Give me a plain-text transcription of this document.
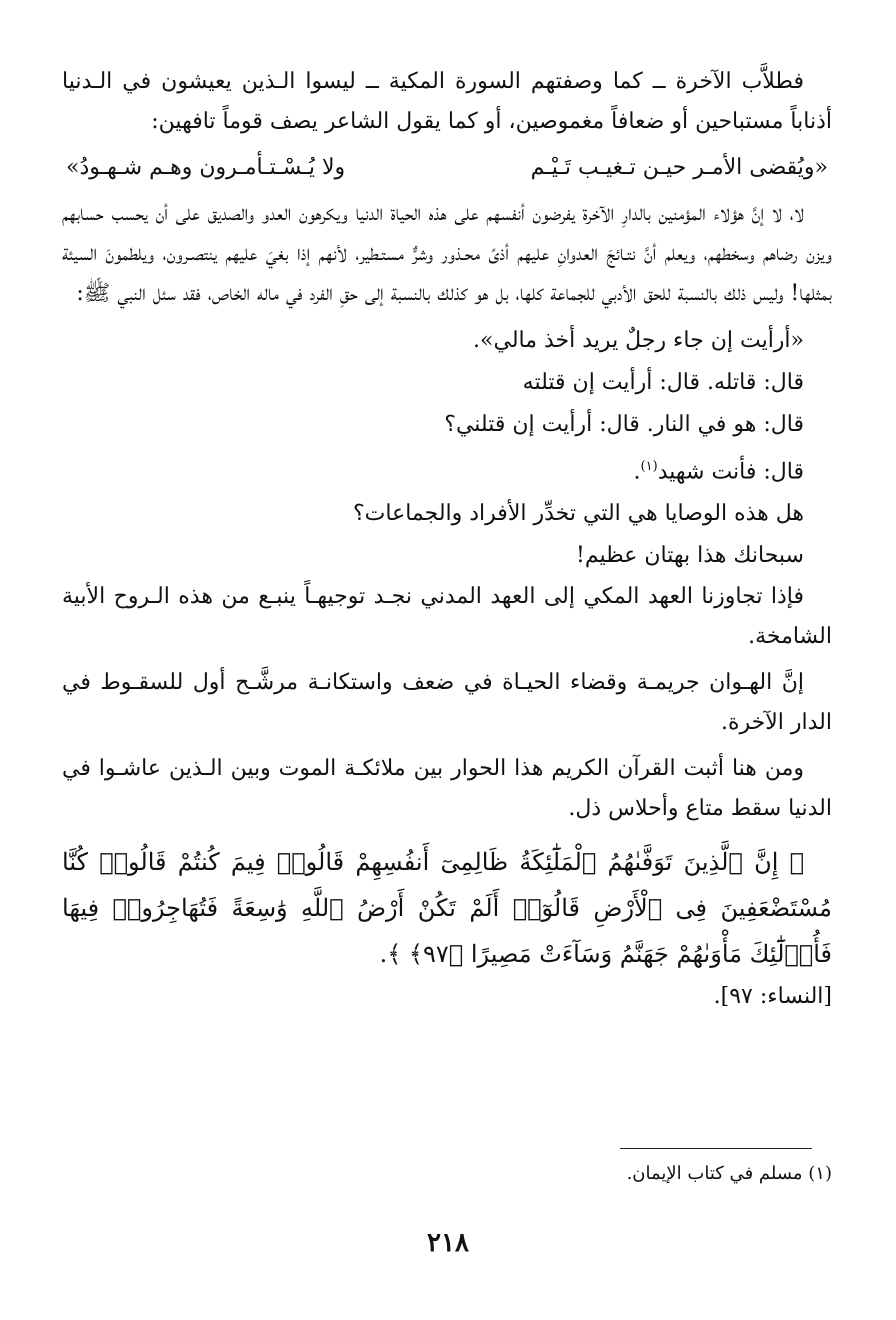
فطلاَّب الآخرة ــ كما وصفتهم السورة المكية ــ ليسوا الـذين يعيشون في الـدنيا أذناباً مستباحين أو ضعافاً مغموصين، أو كما يقول الشاعر يصف قوماً تافهين:

«ويُقضى الأمـر حيـن تـغيـب تَـيْـم
ولا يُـسْـتـأمـرون وهـم شـهـودُ»

لا، لا إنَّ هؤلاء المؤمنين بالدارِ الآخرة يفرضون أنفسهم على هذه الحياة الدنيا ويكرهون العدو والصديق على أن يحسب حسابهم ويزن رضاهم وسخطهم، ويعلم أنَّ نتـائجَ العدوانِ عليهم أذىً محـذور وشرٌّ مستـطير، لأنهم إذا بغيَ عليهم ينتصـرون، ويلطمونَ السيئة بمثلها! وليس ذلك بالنسبة للحق الأدبي للجماعة كلها، بل هو كذلك بالنسبة إلى حقِ الفرد في ماله الخاص، فقد سئل النبي ﷺ:

«أرأيت إن جاء رجلٌ يريد أخذ مالي».
قال: قاتله. قال: أرأيت إن قتلته
قال: هو في النار. قال: أرأيت إن قتلني؟
قال: فأنت شهيد$^{(١)}$.
هل هذه الوصايا هي التي تخدِّر الأفراد والجماعات؟
سبحانك هذا بهتان عظيم!

فإذا تجاوزنا العهد المكي إلى العهد المدني نجـد توجيهـاً ينبـع من هذه الـروح الأبية الشامخة.

إنَّ الهـوان جريمـة وقضاء الحيـاة في ضعف واستكانـة مرشَّـح أول للسقـوط في الدار الآخرة.

ومن هنا أثبت القرآن الكريم هذا الحوار بين ملائكـة الموت وبين الـذين عاشـوا في الدنيا سقط متاع وأحلاس ذل.

﴿ إِنَّ ٱلَّذِينَ تَوَفَّىٰهُمُ ٱلْمَلَٰٓئِكَةُ ظَالِمِىٓ أَنفُسِهِمْ قَالُوا۟ فِيمَ كُنتُمْ قَالُوا۟ كُنَّا مُسْتَضْعَفِينَ فِى ٱلْأَرْضِ قَالُوٓا۟ أَلَمْ تَكُنْ أَرْضُ ٱللَّهِ وَٰسِعَةً فَتُهَاجِرُوا۟ فِيهَا فَأُو۟لَٰٓئِكَ مَأْوَىٰهُمْ جَهَنَّمُ وَسَآءَتْ مَصِيرًا ﴿٩٧﴾ ﴾.

[النساء: ٩٧].

(١) مسلم في كتاب الإيمان.
٢١٨
